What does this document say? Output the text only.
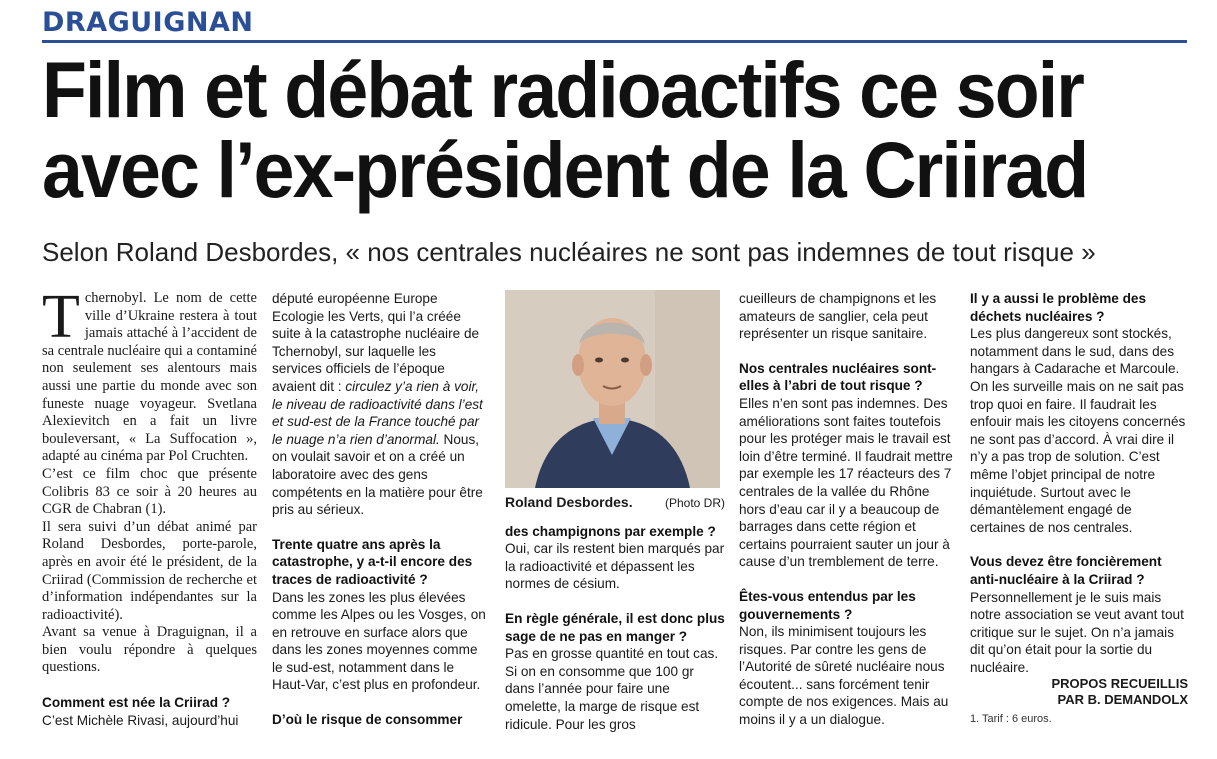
DRAGUIGNAN
Film et débat radioactifs ce soir
avec l’ex-président de la Criirad
Selon Roland Desbordes, « nos centrales nucléaires ne sont pas indemnes de tout risque »

Tchernobyl. Le nom de cette ville d’Ukraine restera à tout jamais attaché à l’accident de sa centrale nucléaire qui a contaminé non seulement ses alentours mais aussi une partie du monde avec son funeste nuage voyageur. Svetlana Alexievitch en a fait un livre bouleversant, « La Suffocation », adapté au cinéma par Pol Cruchten.

C’est ce film choc que présente Colibris 83 ce soir à 20 heures au CGR de Chabran (1).

Il sera suivi d’un débat animé par Roland Desbordes, porte-parole, après en avoir été le président, de la Criirad (Commission de recherche et d’information indépendantes sur la radioactivité).

Avant sa venue à Draguignan, il a bien voulu répondre à quelques questions.

Comment est née la Criirad ?

C’est Michèle Rivasi, aujourd’hui

député européenne Europe Ecologie les Verts, qui l’a créée suite à la catastrophe nucléaire de Tchernobyl, sur laquelle les services officiels de l’époque avaient dit : circulez y’a rien à voir, le niveau de radioactivité dans l’est et sud-est de la France touché par le nuage n’a rien d’anormal. Nous, on voulait savoir et on a créé un laboratoire avec des gens compétents en la matière pour être pris au sérieux.

Trente quatre ans après la catastrophe, y a-t-il encore des traces de radioactivité ?

Dans les zones les plus élevées comme les Alpes ou les Vosges, on en retrouve en surface alors que dans les zones moyennes comme le sud-est, notamment dans le Haut-Var, c’est plus en profondeur.

D’où le risque de consommer

Roland Desbordes.	(Photo DR)

des champignons par exemple ?

Oui, car ils restent bien marqués par la radioactivité et dépassent les normes de césium.

En règle générale, il est donc plus sage de ne pas en manger ?

Pas en grosse quantité en tout cas. Si on en consomme que 100 gr dans l’année pour faire une omelette, la marge de risque est ridicule. Pour les gros

cueilleurs de champignons et les amateurs de sanglier, cela peut représenter un risque sanitaire.

Nos centrales nucléaires sont-elles à l’abri de tout risque ?

Elles n’en sont pas indemnes. Des améliorations sont faites toutefois pour les protéger mais le travail est loin d’être terminé. Il faudrait mettre par exemple les 17 réacteurs des 7 centrales de la vallée du Rhône hors d’eau car il y a beaucoup de barrages dans cette région et certains pourraient sauter un jour à cause d’un tremblement de terre.

Êtes-vous entendus par les gouvernements ?

Non, ils minimisent toujours les risques. Par contre les gens de l’Autorité de sûreté nucléaire nous écoutent... sans forcément tenir compte de nos exigences. Mais au moins il y a un dialogue.

Il y a aussi le problème des déchets nucléaires ?

Les plus dangereux sont stockés, notamment dans le sud, dans des hangars à Cadarache et Marcoule. On les surveille mais on ne sait pas trop quoi en faire. Il faudrait les enfouir mais les citoyens concernés ne sont pas d’accord. À vrai dire il n’y a pas trop de solution. C’est même l’objet principal de notre inquiétude. Surtout avec le démantèlement engagé de certaines de nos centrales.

Vous devez être foncièrement anti-nucléaire à la Criirad ?

Personnellement je le suis mais notre association se veut avant tout critique sur le sujet. On n’a jamais dit qu’on était pour la sortie du nucléaire.

PROPOS RECUEILLIS
PAR B. DEMANDOLX
1. Tarif : 6 euros.
